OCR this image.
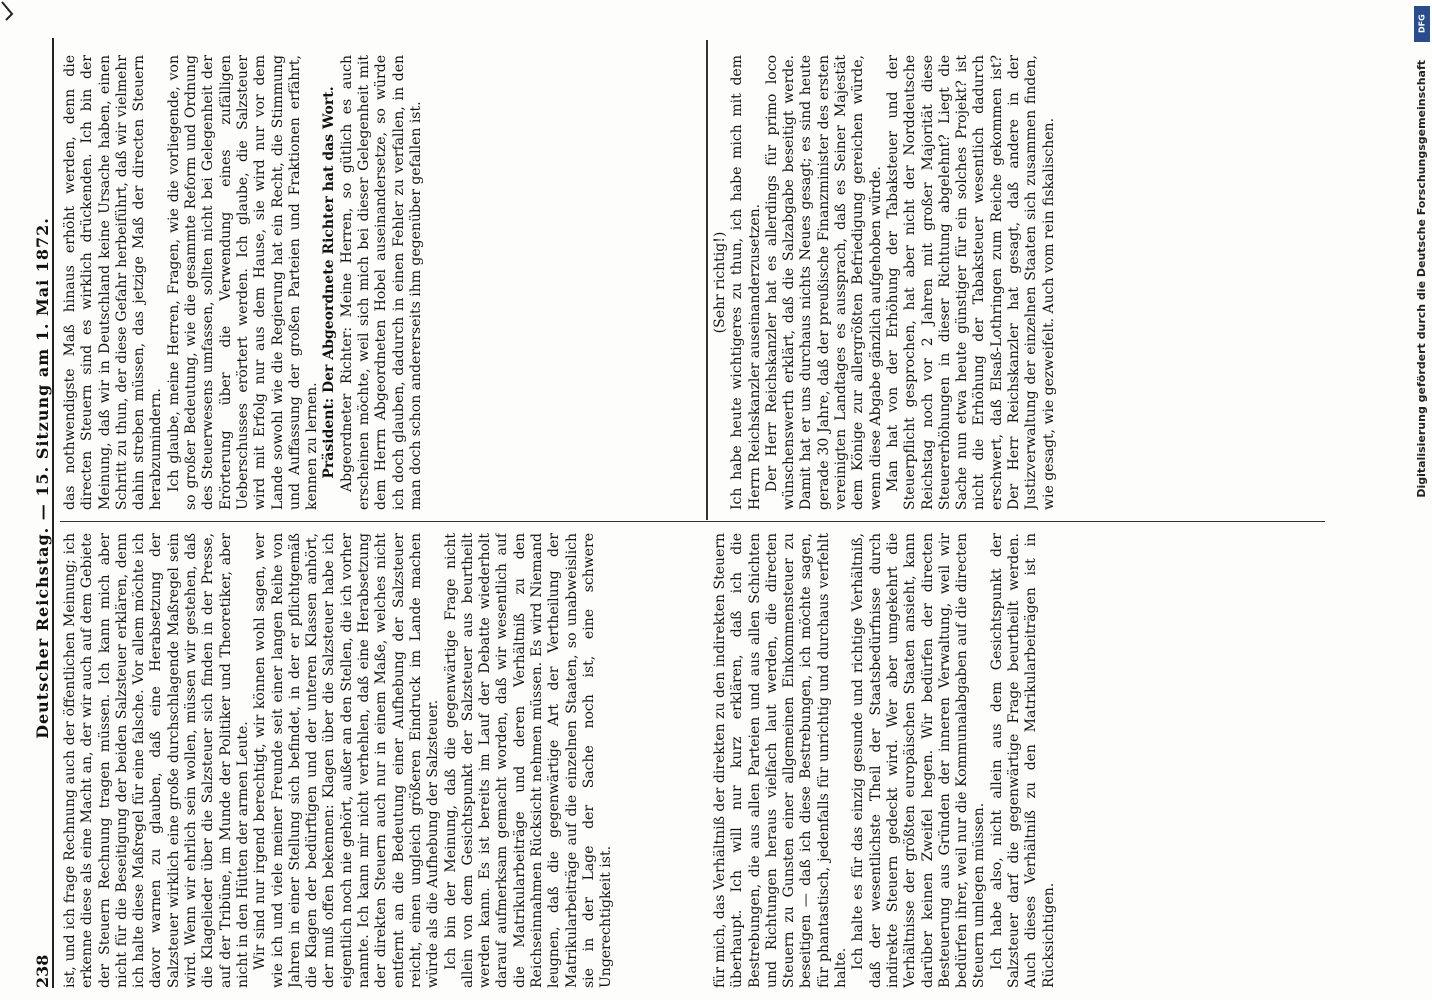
238
Deutscher Reichstag. — 15. Sitzung am 1. Mai 1872.

ist, und ich frage Rechnung auch der öffentlichen Meinung; ich erkenne diese als eine Macht an, der wir auch auf dem Gebiete der Steuern Rechnung tragen müssen. Ich kann mich aber nicht für die Beseitigung der beiden Salzsteuer erklären, denn ich halte diese Maßregel für eine falsche. Vor allem möchte ich davor warnen zu glauben, daß eine Herabsetzung der Salzsteuer wirklich eine große durchschlagende Maßregel sein wird. Wenn wir ehrlich sein wollen, müssen wir gestehen, daß die Klagelieder über die Salzsteuer sich finden in der Presse, auf der Tribüne, im Munde der Politiker und Theoretiker, aber nicht in den Hütten der armen Leute. Wir sind nur irgend berechtigt, wir können wohl sagen, wer wie ich und viele meiner Freunde seit einer langen Reihe von Jahren in einer Stellung sich befindet, in der er pflichtgemäß die Klagen der bedürftigen und der unteren Klassen anhört, der muß offen bekennen: Klagen über die Salzsteuer habe ich eigentlich noch nie gehört, außer an den Stellen, die ich vorher nannte. Ich kann mir nicht verhehlen, daß eine Herabsetzung der direkten Steuern auch nur in einem Maße, welches nicht entfernt an die Bedeutung einer Aufhebung der Salzsteuer reicht, einen ungleich größeren Eindruck im Lande machen würde als die Aufhebung der Salzsteuer. Ich bin der Meinung, daß die gegenwärtige Frage nicht allein von dem Gesichtspunkt der Salzsteuer aus beurtheilt werden kann. Es ist bereits im Lauf der Debatte wiederholt darauf aufmerksam gemacht worden, daß wir wesentlich auf die Matrikularbeiträge und deren Verhältniß zu den Reichseinnahmen Rücksicht nehmen müssen. Es wird Niemand leugnen, daß die gegenwärtige Art der Vertheilung der Matrikularbeiträge auf die einzelnen Staaten, so unabweislich sie in der Lage der Sache noch ist, eine schwere Ungerechtigkeit ist.

das nothwendigste Maß hinaus erhöht werden, denn die directen Steuern sind es wirklich drückenden. Ich bin der Meinung, daß wir in Deutschland keine Ursache haben, einen Schritt zu thun, der diese Gefahr herbeiführt, daß wir vielmehr dahin streben müssen, das jetzige Maß der directen Steuern herabzumindern. Ich glaube, meine Herren, Fragen, wie die vorliegende, von so großer Bedeutung, wie die gesammte Reform und Ordnung des Steuerwesens umfassen, sollten nicht bei Gelegenheit der Erörterung über die Verwendung eines zufälligen Ueberschusses erörtert werden. Ich glaube, die Salzsteuer wird mit Erfolg nur aus dem Hause, sie wird nur vor dem Lande sowohl wie die Regierung hat ein Recht, die Stimmung und Auffassung der großen Parteien und Fraktionen erfährt, kennen zu lernen. Präsident: Der Abgeordnete Richter hat das Wort. Abgeordneter Richter: Meine Herren, so gütlich es auch erscheinen möchte, weil sich mich bei dieser Gelegenheit mit dem Herrn Abgeordneten Hobel auseinandersetze, so würde ich doch glauben, dadurch in einen Fehler zu verfallen, in den man doch schon andererseits ihm gegenüber gefallen ist.

für mich, das Verhältniß der direkten zu den indirekten Steuern überhaupt. Ich will nur kurz erklären, daß ich die Bestrebungen, die aus allen Parteien und aus allen Schichten und Richtungen heraus vielfach laut werden, die directen Steuern zu Gunsten einer allgemeinen Einkommensteuer zu beseitigen — daß ich diese Bestrebungen, ich möchte sagen, für phantastisch, jedenfalls für unrichtig und durchaus verfehlt halte. Ich halte es für das einzig gesunde und richtige Verhältniß, daß der wesentlichste Theil der Staatsbedürfnisse durch indirekte Steuern gedeckt wird. Wer aber umgekehrt die Verhältnisse der größten europäischen Staaten ansieht, kann darüber keinen Zweifel hegen. Wir bedürfen der directen Besteuerung aus Gründen der inneren Verwaltung, weil wir bedürfen ihrer, weil nur die Kommunalabgaben auf die directen Steuern umlegen müssen. Ich habe also, nicht allein aus dem Gesichtspunkt der Salzsteuer darf die gegenwärtige Frage beurtheilt werden. Auch dieses Verhältniß zu den Matrikularbeiträgen ist in Rücksichtigen.

(Sehr richtig!) Ich habe heute wichtigeres zu thun, ich habe mich mit dem Herrn Reichskanzler auseinanderzusetzen. Der Herr Reichskanzler hat es allerdings für primo loco wünschenswerth erklärt, daß die Salzabgabe beseitigt werde. Damit hat er uns durchaus nichts Neues gesagt; es sind heute gerade 30 Jahre, daß der preußische Finanzminister des ersten vereinigten Landtages es aussprach, daß es Seiner Majestät dem Könige zur allergrößten Befriedigung gereichen würde, wenn diese Abgabe gänzlich aufgehoben würde. Man hat von der Erhöhung der Tabaksteuer und der Steuerpflicht gesprochen, hat aber nicht der Norddeutsche Reichstag noch vor 2 Jahren mit großer Majorität diese Steuererhöhungen in dieser Richtung abgelehnt? Liegt die Sache nun etwa heute günstiger für ein solches Projekt? ist nicht die Erhöhung der Tabaksteuer wesentlich dadurch erschwert, daß Elsaß-Lothringen zum Reiche gekommen ist? Der Herr Reichskanzler hat gesagt, daß andere in der Justizverwaltung der einzelnen Staaten sich zusammen finden, wie gesagt, wie gezweifelt. Auch vom rein fiskalischen.	Digitalisierung gefördert durch die Deutsche Forschungsgemeinschaft
DFG
